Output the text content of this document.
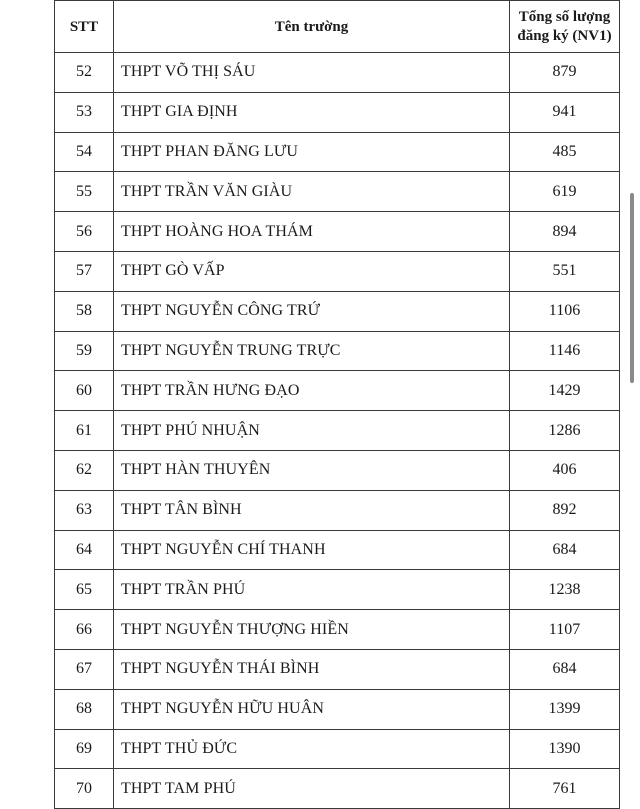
STT	Tên trường	Tổng số lượng
đăng ký (NV1)

52	THPT VÕ THỊ SÁU	879
53	THPT GIA ĐỊNH	941
54	THPT PHAN ĐĂNG LƯU	485
55	THPT TRẦN VĂN GIÀU	619
56	THPT HOÀNG HOA THÁM	894
57	THPT GÒ VẤP	551
58	THPT NGUYỄN CÔNG TRỨ	1106
59	THPT NGUYỄN TRUNG TRỰC	1146
60	THPT TRẦN HƯNG ĐẠO	1429
61	THPT PHÚ NHUẬN	1286
62	THPT HÀN THUYÊN	406
63	THPT TÂN BÌNH	892
64	THPT NGUYỄN CHÍ THANH	684
65	THPT TRẦN PHÚ	1238
66	THPT NGUYỄN THƯỢNG HIỀN	1107
67	THPT NGUYỄN THÁI BÌNH	684
68	THPT NGUYỄN HỮU HUÂN	1399
69	THPT THỦ ĐỨC	1390
70	THPT TAM PHÚ	761
